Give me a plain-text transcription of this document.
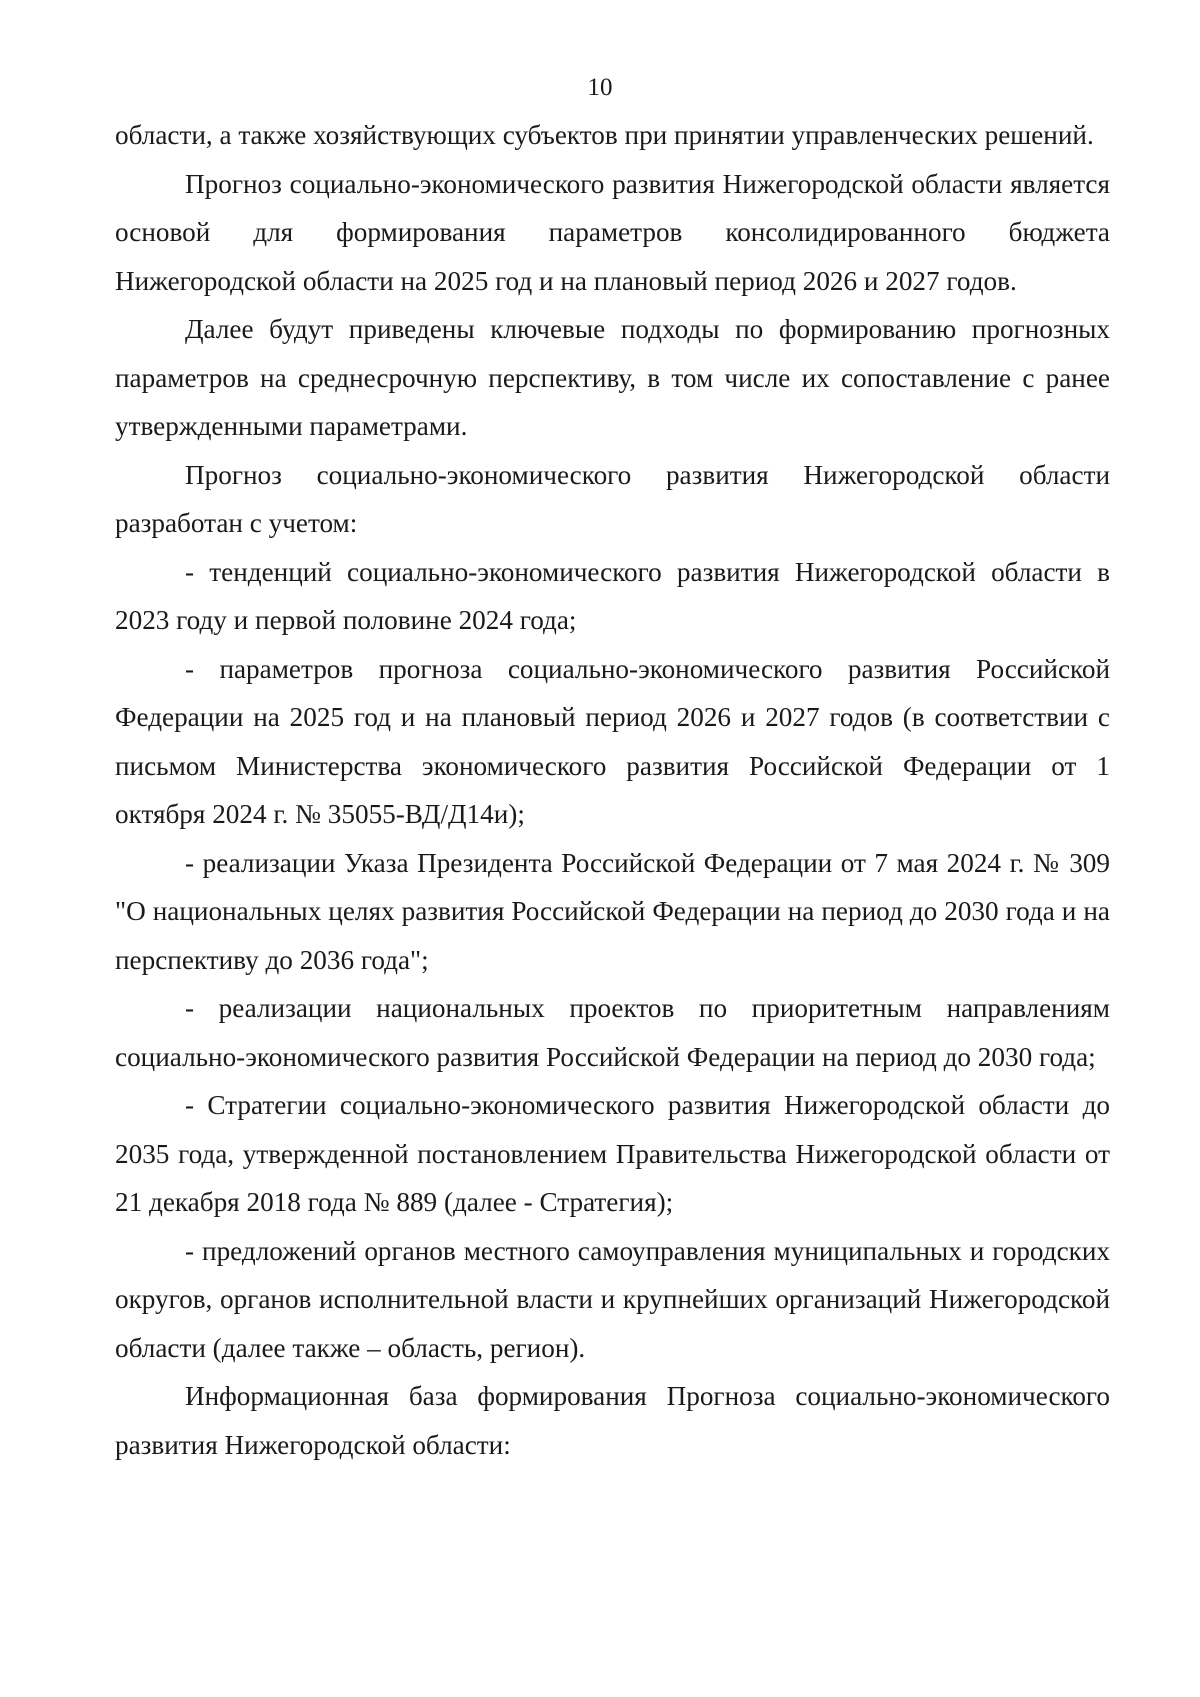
10

области, а также хозяйствующих субъектов при принятии управленческих решений.

Прогноз социально-экономического развития Нижегородской области является основой для формирования параметров консолидированного бюджета Нижегородской области на 2025 год и на плановый период 2026 и 2027 годов.

Далее будут приведены ключевые подходы по формированию прогнозных параметров на среднесрочную перспективу, в том числе их сопоставление с ранее утвержденными параметрами.

Прогноз социально-экономического развития Нижегородской области разработан с учетом:

- тенденций социально-экономического развития Нижегородской области в 2023 году и первой половине 2024 года;

- параметров прогноза социально-экономического развития Российской Федерации на 2025 год и на плановый период 2026 и 2027 годов (в соответствии с письмом Министерства экономического развития Российской Федерации от 1 октября 2024 г. № 35055-ВД/Д14и);

- реализации Указа Президента Российской Федерации от 7 мая 2024 г. № 309 "О национальных целях развития Российской Федерации на период до 2030 года и на перспективу до 2036 года";

- реализации национальных проектов по приоритетным направлениям социально-экономического развития Российской Федерации на период до 2030 года;

- Стратегии социально-экономического развития Нижегородской области до 2035 года, утвержденной постановлением Правительства Нижегородской области от 21 декабря 2018 года № 889 (далее - Стратегия);

- предложений органов местного самоуправления муниципальных и городских округов, органов исполнительной власти и крупнейших организаций Нижегородской области (далее также – область, регион).

Информационная база формирования Прогноза социально-экономического развития Нижегородской области:
